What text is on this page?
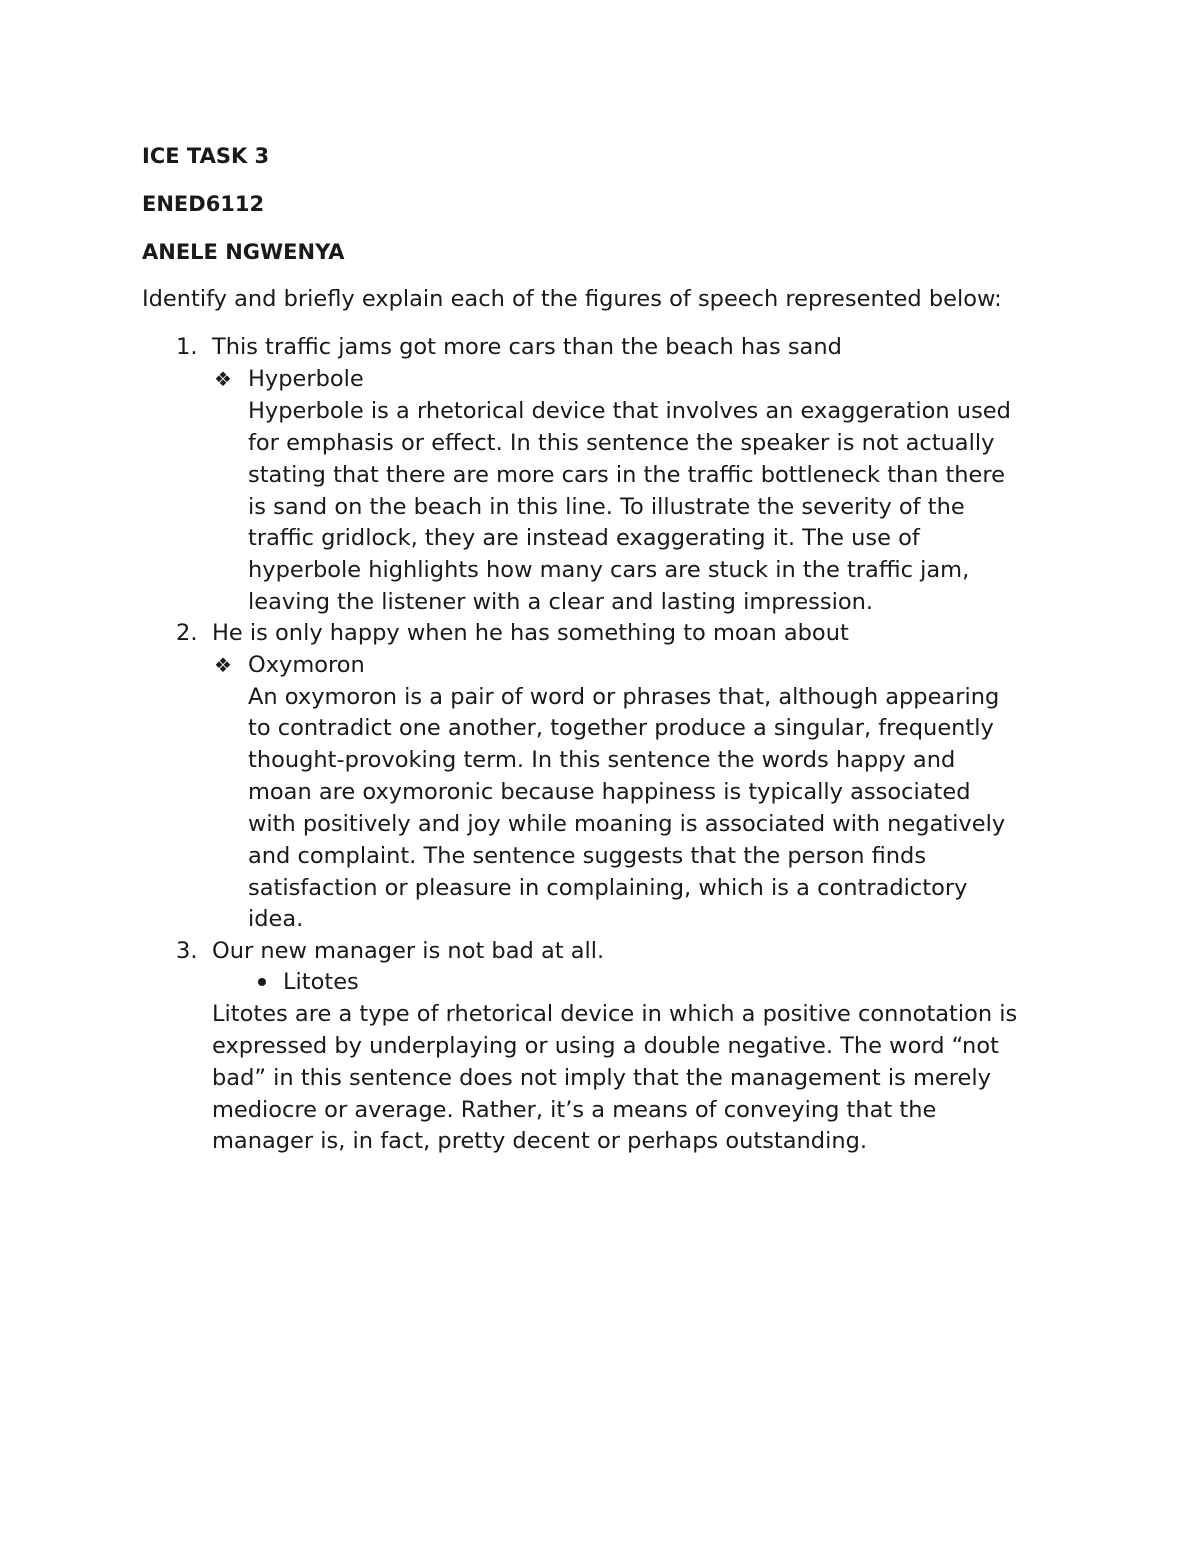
ICE TASK 3
ENED6112
ANELE NGWENYA
Identify and briefly explain each of the figures of speech represented below:
1. This traffic jams got more cars than the beach has sand
❖ Hyperbole
Hyperbole is a rhetorical device that involves an exaggeration used
for emphasis or effect. In this sentence the speaker is not actually
stating that there are more cars in the traffic bottleneck than there
is sand on the beach in this line. To illustrate the severity of the
traffic gridlock, they are instead exaggerating it. The use of
hyperbole highlights how many cars are stuck in the traffic jam,
leaving the listener with a clear and lasting impression.
2. He is only happy when he has something to moan about
❖ Oxymoron
An oxymoron is a pair of word or phrases that, although appearing
to contradict one another, together produce a singular, frequently
thought-provoking term. In this sentence the words happy and
moan are oxymoronic because happiness is typically associated
with positively and joy while moaning is associated with negatively
and complaint. The sentence suggests that the person finds
satisfaction or pleasure in complaining, which is a contradictory
idea.
3. Our new manager is not bad at all.
Litotes
Litotes are a type of rhetorical device in which a positive connotation is
expressed by underplaying or using a double negative. The word “not
bad” in this sentence does not imply that the management is merely
mediocre or average. Rather, it’s a means of conveying that the
manager is, in fact, pretty decent or perhaps outstanding.
